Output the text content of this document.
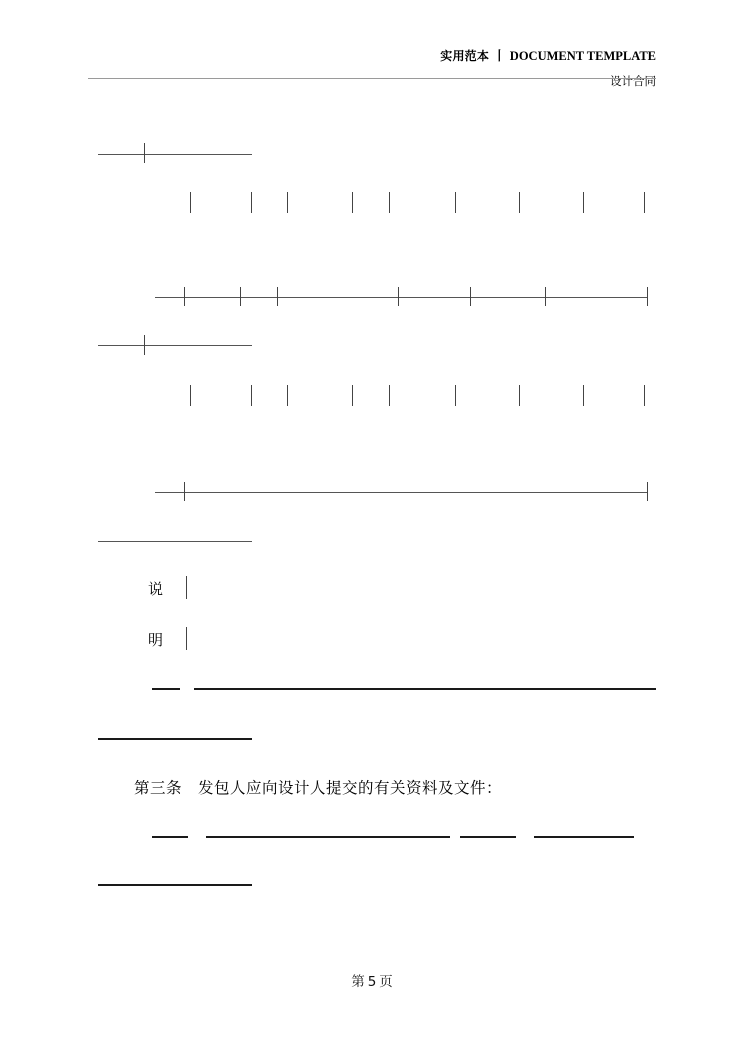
实用范本 丨 DOCUMENT TEMPLATE
设计合同
说
明
第三条　发包人应向设计人提交的有关资料及文件：
第 5 页
